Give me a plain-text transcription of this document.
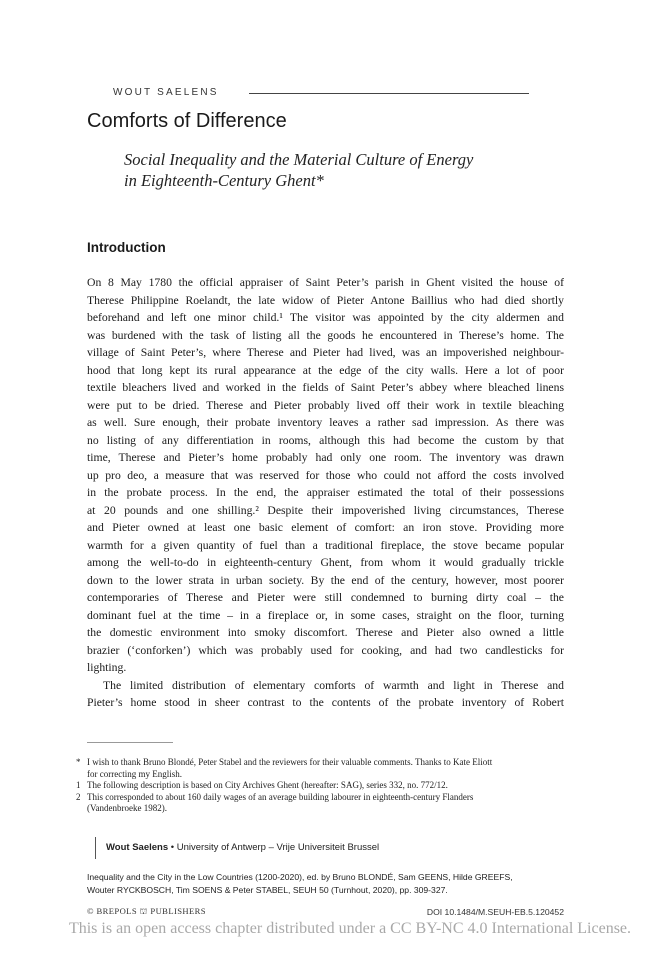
WOUT SAELENS
Comforts of Difference
Social Inequality and the Material Culture of Energy
in Eighteenth-Century Ghent*
Introduction
On 8 May 1780 the official appraiser of Saint Peter’s parish in Ghent visited the house of
Therese Philippine Roelandt, the late widow of Pieter Antone Baillius who had died shortly
beforehand and left one minor child.¹ The visitor was appointed by the city aldermen and
was burdened with the task of listing all the goods he encountered in Therese’s home. The
village of Saint Peter’s, where Therese and Pieter had lived, was an impoverished neighbour-
hood that long kept its rural appearance at the edge of the city walls. Here a lot of poor
textile bleachers lived and worked in the fields of Saint Peter’s abbey where bleached linens
were put to be dried. Therese and Pieter probably lived off their work in textile bleaching
as well. Sure enough, their probate inventory leaves a rather sad impression. As there was
no listing of any differentiation in rooms, although this had become the custom by that
time, Therese and Pieter’s home probably had only one room. The inventory was drawn
up pro deo, a measure that was reserved for those who could not afford the costs involved
in the probate process. In the end, the appraiser estimated the total of their possessions
at 20 pounds and one shilling.² Despite their impoverished living circumstances, Therese
and Pieter owned at least one basic element of comfort: an iron stove. Providing more
warmth for a given quantity of fuel than a traditional fireplace, the stove became popular
among the well-to-do in eighteenth-century Ghent, from whom it would gradually trickle
down to the lower strata in urban society. By the end of the century, however, most poorer
contemporaries of Therese and Pieter were still condemned to burning dirty coal – the
dominant fuel at the time – in a fireplace or, in some cases, straight on the floor, turning
the domestic environment into smoky discomfort. Therese and Pieter also owned a little
brazier (‘conforken’) which was probably used for cooking, and had two candlesticks for
lighting.
The limited distribution of elementary comforts of warmth and light in Therese and
Pieter’s home stood in sheer contrast to the contents of the probate inventory of Robert
* I wish to thank Bruno Blondé, Peter Stabel and the reviewers for their valuable comments. Thanks to Kate Eliott
for correcting my English.
1 The following description is based on City Archives Ghent (hereafter: SAG), series 332, no. 772/12.
2 This corresponded to about 160 daily wages of an average building labourer in eighteenth-century Flanders
(Vandenbroeke 1982).
Wout Saelens • University of Antwerp – Vrije Universiteit Brussel
Inequality and the City in the Low Countries (1200-2020), ed. by Bruno BLONDÉ, Sam GEENS, Hilde GREEFS,
Wouter RYCKBOSCH, Tim SOENS & Peter STABEL, SEUH 50 (Turnhout, 2020), pp. 309-327.
© BREPOLS ⛫ PUBLISHERS	DOI 10.1484/M.SEUH-EB.5.120452
This is an open access chapter distributed under a CC BY-NC 4.0 International License.
